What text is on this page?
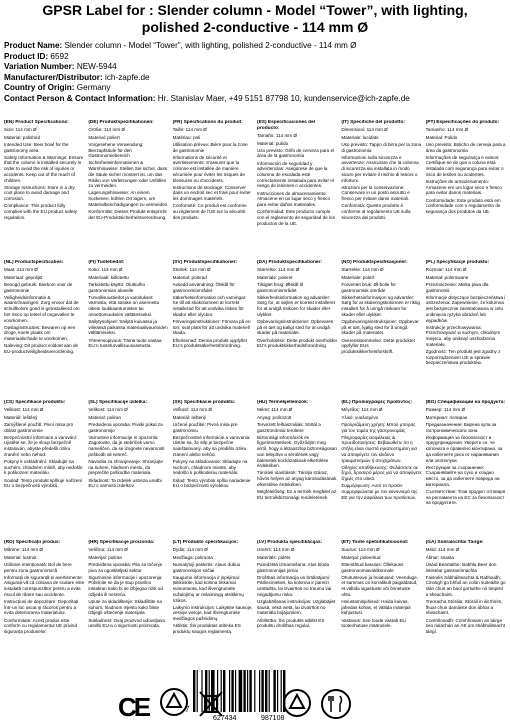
GPSR Label for : Slender column - Model “Tower”, with lighting,
polished 2-conductive - 114 mm Ø
Product Name: Slender column - Model “Tower”, with lighting, polished 2-conductive - 114 mm Ø
Product ID: 6592
Variation Number: NEW-5944
Manufacturer/Distributor: ich-zapfe.de
Country of Origin: Germany
Contact Person & Contact Information: Hr. Stanislav Maer, +49 5151 87798 10, kundenservice@ich-zapfe.de

(EN) Product Specifications:

Size: 114 mm Ø

Material: polished

Intended Use: Beer bowl for the gastronomy area

Safety Information & Warnings: Ensure that the column is installed securely in order to avoid the risk of injuries or accidents. Keep out of the reach of children.

Storage Instructions: Store in a dry, cool place to avoid damage and corrosion.

Compliance: This product fully complies with the EU product safety regulation.

(DE) Produktspezifikationen:

Größe: 114 mm Ø

Material: poliert

Vorgesehene Verwendung: Bierzapfsäule für den Gastronomiebereich

Sicherheitsinformationen & Warnhinweise: Stellen Sie sicher, dass die Säule sicher montiert ist, um das Risiko von Verletzungen oder Unfällen zu vermeiden.

Lagerungshinweise: An einem trockenen, kühlen Ort lagern, um Materialbeschädigungen zu vermeiden.

Konformität: Dieses Produkt entspricht der EU-Produktsicherheitsverordnung.

(FR) Spécifications du produit:

Taille: 114 mm Ø

Matériau: poli

Utilisation prévue: Bière pour la zone de gastronomie

Informations de sécurité et avertissements: S'assurer que la colonne est installée de manière sécurisée pour éviter les risques de blessures ou d'accidents.

Instructions de stockage: Conserver dans un endroit sec et frais pour éviter les dommages matériels.

Conformité: Ce produit est conforme au règlement de l'UE sur la sécurité des produits.

(ES) Especificaciones del producto:

Tamaño: 114 mm Ø

Material: pulido

Uso previsto: Grifo de cerveza para el área de la gastronomía

Información de seguridad y advertencias: Asegúrese de que la columna de escalada esté correctamente instalada para evitar el riesgo de lesiones o accidentes.

Instrucciones de almacenamiento: Almacene en un lugar seco y fresco para evitar daños materiales.

Conformidad: Este producto cumple con el reglamento de seguridad de los productos de la UE.

(IT) Specifiche del prodotto:

Dimensioni: 114 mm Ø

Materiale: lucidato

Uso previsto: Tappo di birra per la zona di gastronomia

Informazioni sulla sicurezza e avvertenze: Assicurare che la colonna di sicurezza sia installata in modo sicuro per evitare il rischio di lesioni o infortuni.

Istruzioni per la conservazione: Conservare in un posto asciutto e fresco per evitare danni materiali.

Conformità: Questo prodotto è conforme al regolamento UE sulla sicurezza dei prodotti.

(PT) Especificações do produto:

Tamanho: 114 mm Ø

Material: Polido

Uso previsto: Bolicho de cerveja para a área da gastronomia

Informações de segurança e avisos: Certifique-se de que a coluna está instalada com segurança para evitar o risco de lesões ou acidentes.

Instruções de armazenamento: Armazene em um lugar seco e fresco para evitar danos materiais.

Conformidade: Este produto está em conformidade com o regulamento de segurança dos produtos da UE.

(NL) Productspecificaties:

Maat: 114 mm Ø

Materiaal: gepolijst

Beoogd gebruik: Bierkom voor de gastronomie

Veiligheidsinformatie & waarschuwingen: Zorg ervoor dat de schuifkolom goed is geïnstalleerd om het risico op letsel of ongevallen te voorkomen.

Opslaginstructies: Bewaren op een droge, koele plaats om materiaalschade te voorkomen.

Naleving: Dit product voldoet aan de EU-productveiligheidsverordening.

(FI) Tuotetiedot:

Koko: 114 mm Ø

Materiaali: kiillotettu

Tarkoitettu käyttö: Olutkulho gastronomian alueelle

Turvallisuustiedot ja varoitukset: Varmista, että sarake on asennettu oikein loukkaantumisten tai onnettomuuksien välttämiseksi.

Säilytysohjeet: Säilytä kuivassa ja viileässä paikassa materiaalivaurioiden välttämiseksi.

Yhteensopivuus: Tämä tuote vastaa EU:n tuoteturvallisuusasetusta.

(SV) Produktspecifikationer:

Storlek: 114 mm Ø

Material: polerad

Avsedd användning: Ölskål för gastronomiområdet

Säkerhetsinformation och varningar: Se till att skakolumnen är korrekt installerad för att undvika risken för skador eller olyckor.

Förvaringsinstruktioner: Förvara på en torr, sval plats för att undvika materiell skada.

Efterlevnad: Denna produkt uppfyller EU:s produktsäkerhetsförordning.

(DA) Produktspecifikationer:

Størrelse: 114 mm Ø

Materiale: poleret

Tilsigtet brug: Ølskål til gastronomiområdet

Sikkerhedsinformation og advarsler: Sørg for, at søjlen er korrekt installeret for at undgå risikoen for skader eller ulykker.

Opbevaringsinstruktioner: Opbevares på et tørt og køligt sted for at undgå skader på materialet.

Overholdelse: Dette produkt overholder EU's produktsikkerhedsforordning.

(NO) Produktspesifikasjoner:

Størrelse: 114 mm Ø

Materiale: polert

Forventet bruk: Øl-bolle for gastronomisk område

Sikkerhetsinformasjon og advarsler: Sørg for at skaleringskolonnen er riktig installert for å unngå risikoen for skader eller ulykker.

Oppbevaringsinstruksjoner: Oppbevar på et tørt, kjølig sted for å unngå skader på materialet.

Overensstemmelse: Dette produktet oppfyller EUs produktsikkerhetsforskrift.

(PL) Specyfikacje produktu:

Rozmiar: 114 mm Ø

Materiał: polerowane

Przeznaczenie: Miska piwa dla gastronomii

Informacje dotyczące bezpieczeństwa i ostrzeżenia: Zapewnienie, że kolumna jest bezpiecznie zainstalowana w celu uniknięcia ryzyka obrażeń lub wypadków.

Instrukcje przechowywania: Przechowywać w suchym, chłodnym miejscu, aby uniknąć uszkodzenia materiału.

Zgodność: Ten produkt jest zgodny z rozporządzeniem UE w sprawie bezpieczeństwa produktów.

(CS) Specifikace produktu:

Velikost: 114 mm Ø

Materiál: leštěný

Zamýšlené použití: Pivní mísa pro oblast gastronomie

Bezpečnostní informace a varování: Ujistěte se, že je sloup bezpečně instalován, abyste předešli riziku zranění nebo nehod.

Pokyny k uskladnění: Skladujte na suchém, chladném místě, aby nedošlo k poškození materiálu.

Soulad: Tento produkt splňuje nařízení EU o bezpečnosti výrobků.

(SL) Specifikacije izdelka:

Velikost: 114 mm Ø

Material: poliran

Predvidena uporaba: Pivski pokal za gastronomijo

Varnostne informacije in opozorila: Zagotovite, da je stebriček varno nameščen, da se izognete nevarnosti poškodb ali nesreč.

Navodila za shranjevanje: Shranjujte na suhem, hladnem mestu, da preprečite poškodbe materiala.

Skladnost: Ta izdelek ustreza uredbi EU o varnosti izdelkov.

(SK) Špecifikácie produktu:

Veľkosť: 114 mm Ø

Materiál: leštený

Určené použitie: Pivná misa pre gastronómiu

Bezpečnostné informácie a varovania: Uistite sa, že stĺp je bezpečne nainštalovaný, aby sa predišlo riziku zranení alebo nehôd.

Pokyny na skladovanie: Skladujte na suchom, chladnom mieste, aby nedošlo k poškodeniu materiálu.

Súlad: Tento výrobok spĺňa nariadenie EÚ o bezpečnosti výrobkov.

(HU) Termékjellemzők:

Méret: 114 mm Ø

Anyag: polírozott

Tervezett felhasználás: Sörtál a gasztronómiai területre

Biztonsági információk és figyelmeztetések: Győződjön meg arról, hogy a létraoszlop biztonságosan van telepítve a sérülések vagy balesetek kockázatának elkerülése érdekében.

Tárolási utasítások: Tárolja száraz, hűvös helyen az anyag károsodásának elkerülése érdekében.

Megfelelőség: Ez a termék megfelel az EU termékbiztonsági rendeletének.

(EL) Προδιαγραφές προϊόντος:

Μέγεθος: 114 mm Ø

Υλικό: γυαλισμένο

Προοριζόμενη χρήση: Μπολ μπύρας για τον τομέα της γαστρονομίας

Πληροφορίες ασφάλειας & προειδοποιήσεις: Βεβαιωθείτε ότι η στήλη είναι σωστά εγκατεστημένη για να αποφύγετε τον κίνδυνο τραυματισμών ή ατυχημάτων.

Οδηγίες αποθήκευσης: Φυλάσσετε σε ξηρό, δροσερό μέρος για να αποφύγετε ζημιές στο υλικό.

Συμμόρφωση: Αυτό το προϊόν συμμορφώνεται με τον κανονισμό της ΕΕ για την ασφάλεια των προϊόντων.

(BG) Спецификации на продукта:

Размер: 114 mm Ø

Материал: полиран

Предназначение: Бирена купа за гастрономическата зона

Информация за безопасност и предупреждения: Уверете се, че колоната е правилно монтирана, за да избегнете риск от наранявания или злополуки.

Инструкции за съхранение: Съхранявайте на сухо и хладно място, за да избегнете повреда на материала.

Съответствие: Този продукт отговаря на регламента на ЕС за безопасност на продуктите.

(RO) Specificații produs:

Mărime: 114 mm Ø

Material: lustruit

Utilizare intenționată: Bol de bere pentru zona gastronomică

Informații de siguranță și avertismente: Asigurați-vă că coloana de scalare este instalată corespunzător pentru a evita riscul de rănire sau accidente.

Instrucțiuni de depozitare: Depozitați într-un loc uscat și răcoros pentru a evita deteriorarea materialului.

Conformitate: Acest produs este conform cu regulamentul UE privind siguranța produselor.

(HR) Specifikacije proizvoda:

Veličina: 114 mm Ø

Materijal: poliran

Predviđena uporaba: Pila za točenje piva za ugostiteljski sektor

Sigurnosne informacije i upozorenja: Pobrinite se da je stup pravilno instaliran kako bi se izbjegao rizik od ozljeda ili nesreća.

Upute za skladištenje: Skladištite na suhom, hladnom mjestu kako biste izbjegli oštećenje materijala.

Sukladnost: Ovaj proizvod udovoljava uredbi EU-a o sigurnosti proizvoda.

(LT) Produkto specifikacijos:

Dydis: 114 mm Ø

Medžiaga: poliruota

Numatytoji paskirtis: Alaus dubuo gastronomijos sričiai

Saugumo informacija ir įspėjimai: Įsitikinkite, kad kolona tinkamai sumontuota, kad išvengtumėte sužalojimų ar nelaimingų atsitikimų rizikos.

Laikymo instrukcijos: Laikykite sausoje, vėsioje vietoje, kad išvengtumėte medžiagos pažeidimų.

Atitiktis: Šis produktas atitinka ES produktų saugos reglamentą.

(LV) Produkta specifikācijas:

Izmērs: 114 mm Ø

Materiāls: pulēts

Paredzētā izmantošana: Alus bļoda gastronomijas jomai

Drošības informācija un brīdinājumi: Pārliecinieties, ka kolonna ir pareizi uzstādīta, lai izvairītos no traumu vai negadījumu riska.

Uzglabāšanas instrukcijas: Uzglabājiet sausā, vēsā vietā, lai izvairītos no materiāla bojājumiem.

Atbilstība: Šis produkts atbilst ES produktu drošības regulai.

(ET) Toote spetsifikatsioonid:

Suurus: 114 mm Ø

Materjal: poleeritud

Ettenähtud kasutus: Õllekauss gastronoomiavaldkonnale

Ohutusteave ja hoiatused: Veenduge, et sammas on korralikult paigaldatud, et vältida vigastuste või õnnetuste ohtu.

Hoiustamisjuhised: Hoida kuivas, jahedas kohas, et vältida materjali kahjustusi.

Vastavus: See toode vastab ELi tooteohutuse määrusele.

(GA) Sonraíochtaí Táirge:

Méid: 114 mm Ø

Ábhar: snasta

Úsáid Beartaithe: Babhla Beer don limistéar gastranómachta

Faisnéis Sábháilteachta & Rabhaidh: Cinntigh go bhfuil an colún suiteáilte go slán chun an baol gortuithe nó timpistí a sheachaint.

Treoracha Stórála: Stóráil in áit thirim, fhuar chun damáiste don ábhar a sheachaint.

Comhlíonadh: Comhlíonann an táirge seo rialachán an AE um shábháilteacht táirgí.

CE	7
627434	987108
